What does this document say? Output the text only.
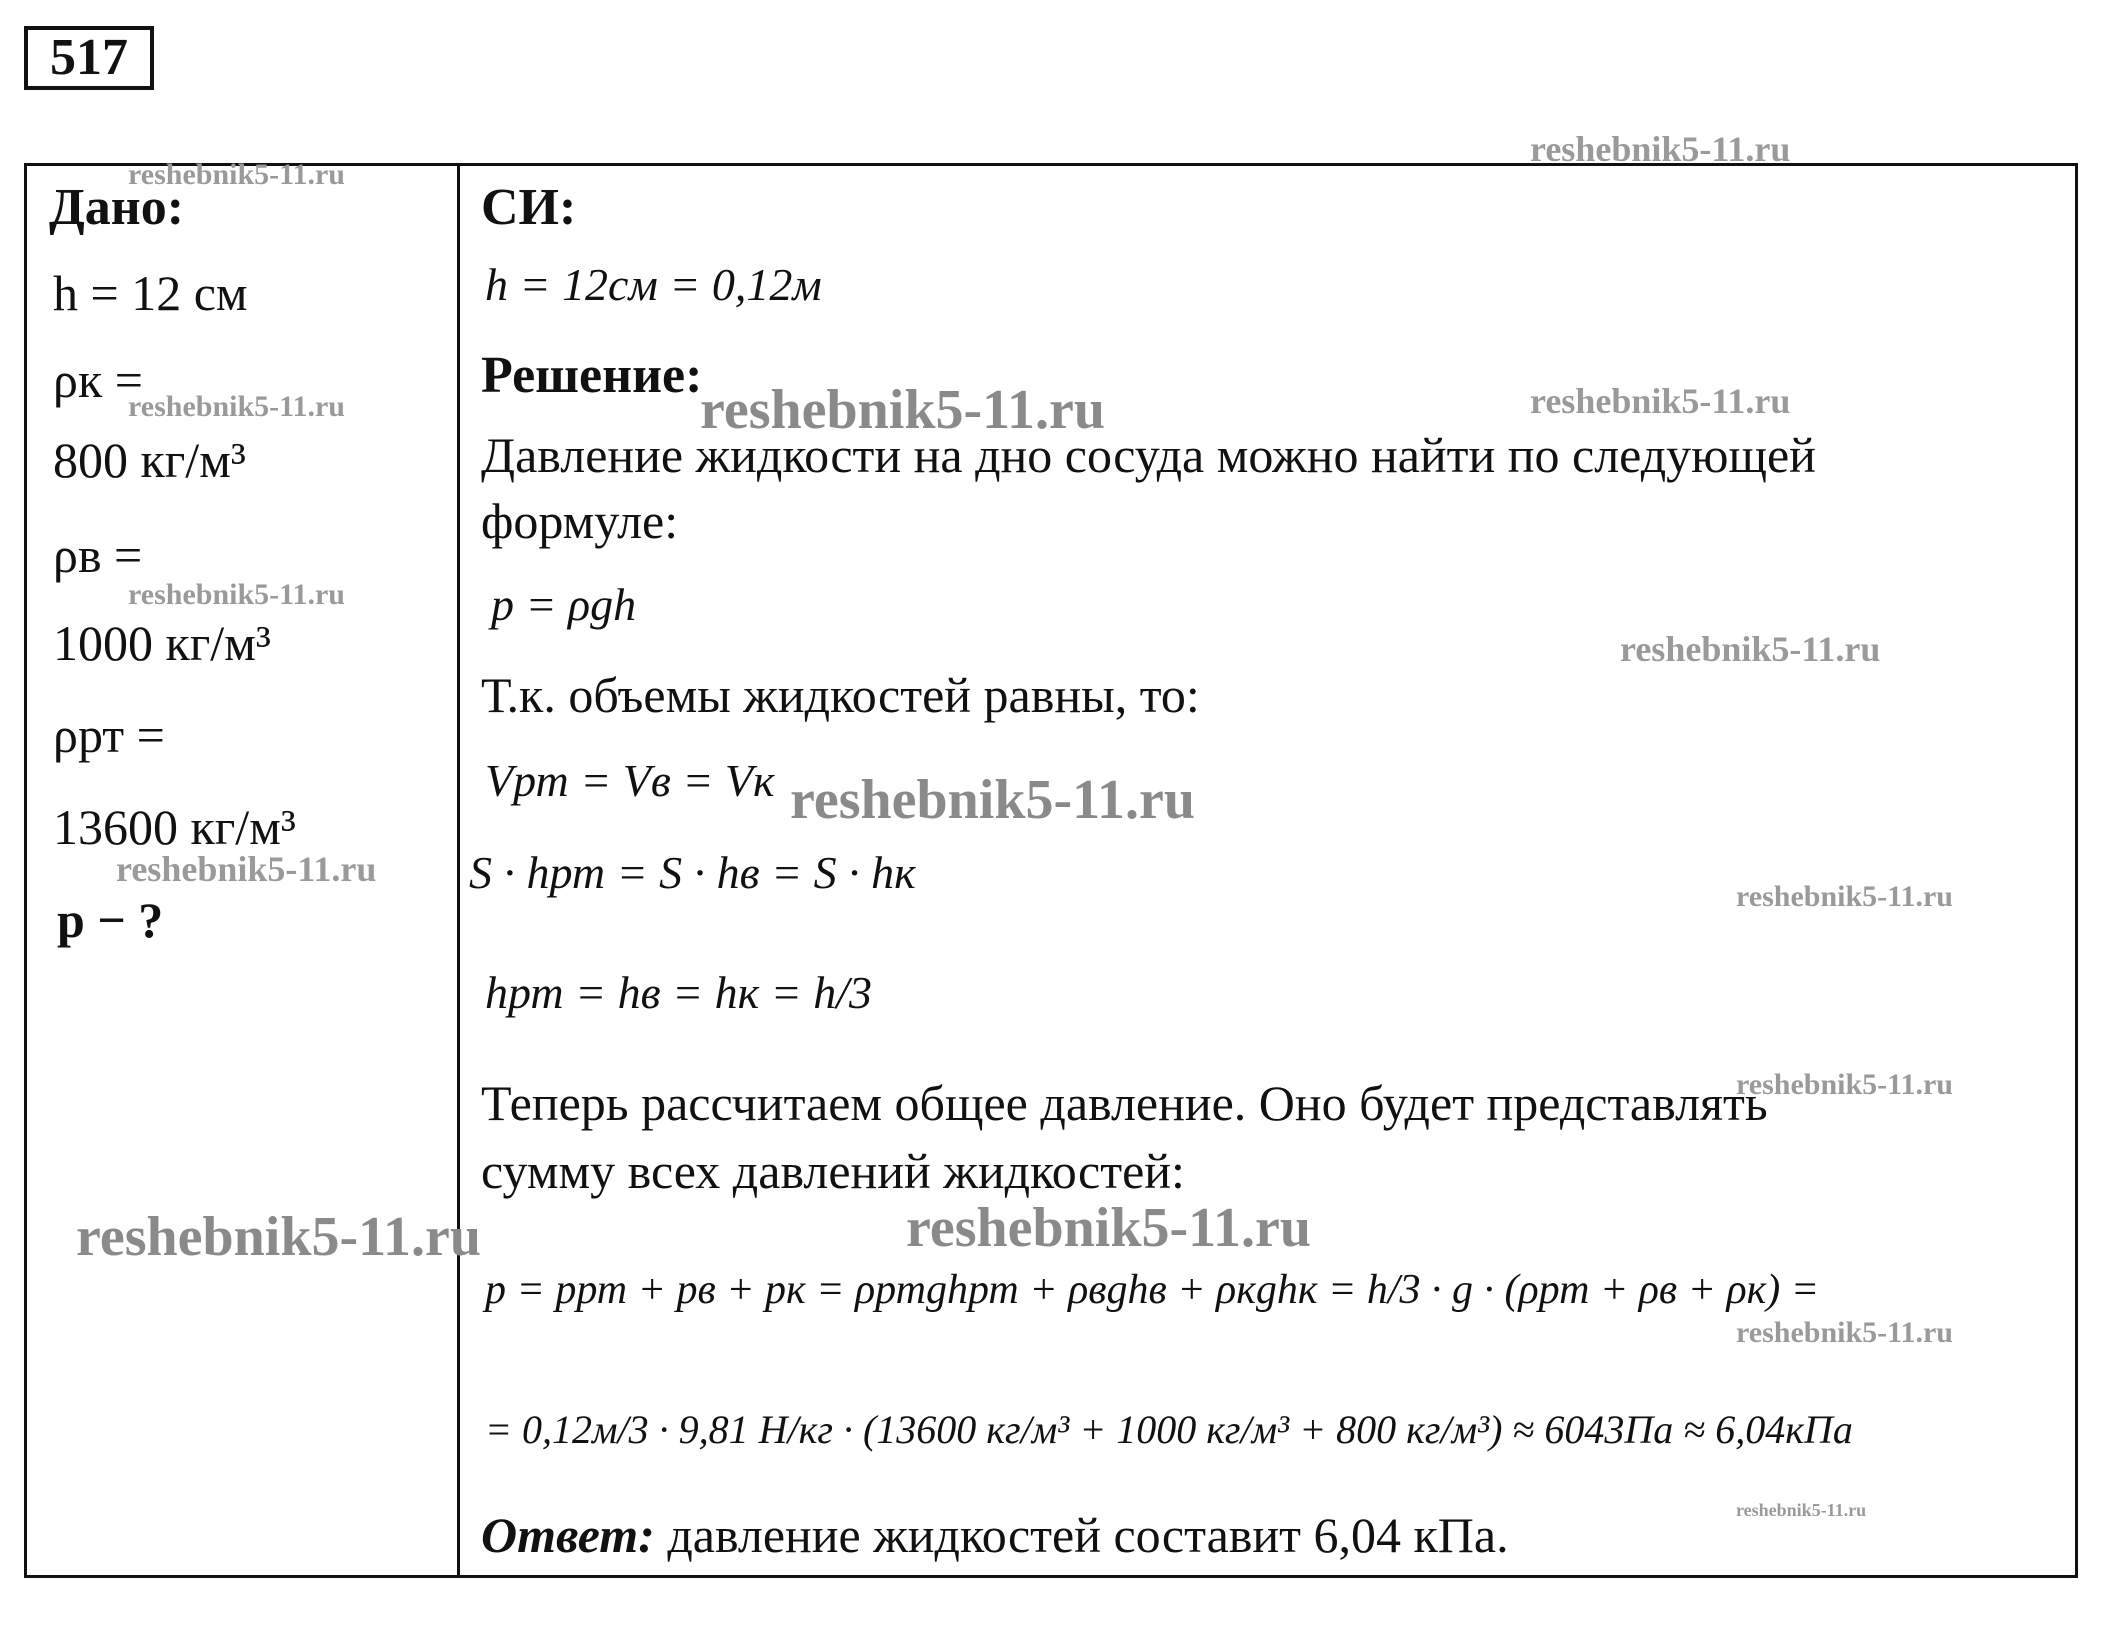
517
Дано:
h = 12 см
ρк =
800 кг/м³
ρв =
1000 кг/м³
ρрт =
13600 кг/м³
p − ?
СИ:
h = 12см = 0,12м
Решение:
Давление жидкости на дно сосуда можно найти по следующей
формуле:
p = ρgh
Т.к. объемы жидкостей равны, то:
Vрт = Vв = Vк
S · hрт = S · hв = S · hк
hрт = hв = hк = h/3
Теперь рассчитаем общее давление. Оно будет представлять
сумму всех давлений жидкостей:
p = pрт + pв + pк = ρртghрт + ρвghв + ρкghк = h/3 · g · (ρрт + ρв + ρк) =
= 0,12м/3 · 9,81 Н/кг · (13600 кг/м³ + 1000 кг/м³ + 800 кг/м³) ≈ 6043Па ≈ 6,04кПа
Ответ: давление жидкостей составит 6,04 кПа.
reshebnik5-11.ru
reshebnik5-11.ru
reshebnik5-11.ru	reshebnik5-11.ru	reshebnik5-11.ru
reshebnik5-11.ru
reshebnik5-11.ru
reshebnik5-11.ru
reshebnik5-11.ru
reshebnik5-11.ru
reshebnik5-11.ru
reshebnik5-11.ru	reshebnik5-11.ru
reshebnik5-11.ru
reshebnik5-11.ru
